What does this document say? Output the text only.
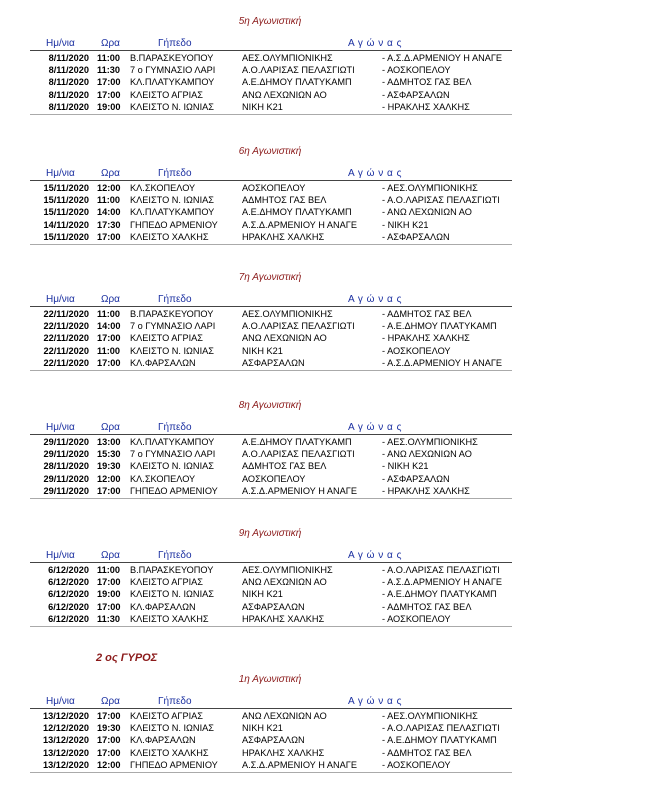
5η Αγωνιστική
Ημ/νια	Ωρα	Γήπεδο	Α γ ώ ν α ς
8/11/2020 11:00 Β.ΠΑΡΑΣΚΕΥΟΠΟΥ	ΑΕΣ.ΟΛΥΜΠΙΟΝΙΚΗΣ	- Α.Σ.Δ.ΑΡΜΕΝΙΟΥ Η ΑΝΑΓΕ
8/11/2020 11:30 7 ο ΓΥΜΝΑΣΙΟ ΛΑΡΙ	Α.Ο.ΛΑΡΙΣΑΣ ΠΕΛΑΣΓΙΩΤΙ	- ΑΟΣΚΟΠΕΛΟΥ
8/11/2020 17:00 ΚΛ.ΠΛΑΤΥΚΑΜΠΟΥ	Α.Ε.ΔΗΜΟΥ ΠΛΑΤΥΚΑΜΠ	- ΑΔΜΗΤΟΣ ΓΑΣ ΒΕΛ
8/11/2020 17:00 ΚΛΕΙΣΤΟ ΑΓΡΙΑΣ	ΑΝΩ ΛΕΧΩΝΙΩΝ ΑΟ	- ΑΣΦΑΡΣΑΛΩΝ
8/11/2020 19:00 ΚΛΕΙΣΤΟ Ν. ΙΩΝΙΑΣ	ΝΙΚΗ Κ21	- ΗΡΑΚΛΗΣ ΧΑΛΚΗΣ
6η Αγωνιστική
Ημ/νια	Ωρα	Γήπεδο	Α γ ώ ν α ς
15/11/2020 12:00 ΚΛ.ΣΚΟΠΕΛΟΥ	ΑΟΣΚΟΠΕΛΟΥ	- ΑΕΣ.ΟΛΥΜΠΙΟΝΙΚΗΣ
15/11/2020 11:00 ΚΛΕΙΣΤΟ Ν. ΙΩΝΙΑΣ	ΑΔΜΗΤΟΣ ΓΑΣ ΒΕΛ	- Α.Ο.ΛΑΡΙΣΑΣ ΠΕΛΑΣΓΙΩΤΙ
15/11/2020 14:00 ΚΛ.ΠΛΑΤΥΚΑΜΠΟΥ	Α.Ε.ΔΗΜΟΥ ΠΛΑΤΥΚΑΜΠ	- ΑΝΩ ΛΕΧΩΝΙΩΝ ΑΟ
14/11/2020 17:30 ΓΗΠΕΔΟ ΑΡΜΕΝΙΟΥ	Α.Σ.Δ.ΑΡΜΕΝΙΟΥ Η ΑΝΑΓΕ	- ΝΙΚΗ Κ21
15/11/2020 17:00 ΚΛΕΙΣΤΟ ΧΑΛΚΗΣ	ΗΡΑΚΛΗΣ ΧΑΛΚΗΣ	- ΑΣΦΑΡΣΑΛΩΝ
7η Αγωνιστική
Ημ/νια	Ωρα	Γήπεδο	Α γ ώ ν α ς
22/11/2020 11:00 Β.ΠΑΡΑΣΚΕΥΟΠΟΥ	ΑΕΣ.ΟΛΥΜΠΙΟΝΙΚΗΣ	- ΑΔΜΗΤΟΣ ΓΑΣ ΒΕΛ
22/11/2020 14:00 7 ο ΓΥΜΝΑΣΙΟ ΛΑΡΙ	Α.Ο.ΛΑΡΙΣΑΣ ΠΕΛΑΣΓΙΩΤΙ	- Α.Ε.ΔΗΜΟΥ ΠΛΑΤΥΚΑΜΠ
22/11/2020 17:00 ΚΛΕΙΣΤΟ ΑΓΡΙΑΣ	ΑΝΩ ΛΕΧΩΝΙΩΝ ΑΟ	- ΗΡΑΚΛΗΣ ΧΑΛΚΗΣ
22/11/2020 11:00 ΚΛΕΙΣΤΟ Ν. ΙΩΝΙΑΣ	ΝΙΚΗ Κ21	- ΑΟΣΚΟΠΕΛΟΥ
22/11/2020 17:00 ΚΛ.ΦΑΡΣΑΛΩΝ	ΑΣΦΑΡΣΑΛΩΝ	- Α.Σ.Δ.ΑΡΜΕΝΙΟΥ Η ΑΝΑΓΕ
8η Αγωνιστική
Ημ/νια	Ωρα	Γήπεδο	Α γ ώ ν α ς
29/11/2020 13:00 ΚΛ.ΠΛΑΤΥΚΑΜΠΟΥ	Α.Ε.ΔΗΜΟΥ ΠΛΑΤΥΚΑΜΠ	- ΑΕΣ.ΟΛΥΜΠΙΟΝΙΚΗΣ
29/11/2020 15:30 7 ο ΓΥΜΝΑΣΙΟ ΛΑΡΙ	Α.Ο.ΛΑΡΙΣΑΣ ΠΕΛΑΣΓΙΩΤΙ	- ΑΝΩ ΛΕΧΩΝΙΩΝ ΑΟ
28/11/2020 19:30 ΚΛΕΙΣΤΟ Ν. ΙΩΝΙΑΣ	ΑΔΜΗΤΟΣ ΓΑΣ ΒΕΛ	- ΝΙΚΗ Κ21
29/11/2020 12:00 ΚΛ.ΣΚΟΠΕΛΟΥ	ΑΟΣΚΟΠΕΛΟΥ	- ΑΣΦΑΡΣΑΛΩΝ
29/11/2020 17:00 ΓΗΠΕΔΟ ΑΡΜΕΝΙΟΥ	Α.Σ.Δ.ΑΡΜΕΝΙΟΥ Η ΑΝΑΓΕ	- ΗΡΑΚΛΗΣ ΧΑΛΚΗΣ
9η Αγωνιστική
Ημ/νια	Ωρα	Γήπεδο	Α γ ώ ν α ς
6/12/2020 11:00 Β.ΠΑΡΑΣΚΕΥΟΠΟΥ	ΑΕΣ.ΟΛΥΜΠΙΟΝΙΚΗΣ	- Α.Ο.ΛΑΡΙΣΑΣ ΠΕΛΑΣΓΙΩΤΙ
6/12/2020 17:00 ΚΛΕΙΣΤΟ ΑΓΡΙΑΣ	ΑΝΩ ΛΕΧΩΝΙΩΝ ΑΟ	- Α.Σ.Δ.ΑΡΜΕΝΙΟΥ Η ΑΝΑΓΕ
6/12/2020 19:00 ΚΛΕΙΣΤΟ Ν. ΙΩΝΙΑΣ	ΝΙΚΗ Κ21	- Α.Ε.ΔΗΜΟΥ ΠΛΑΤΥΚΑΜΠ
6/12/2020 17:00 ΚΛ.ΦΑΡΣΑΛΩΝ	ΑΣΦΑΡΣΑΛΩΝ	- ΑΔΜΗΤΟΣ ΓΑΣ ΒΕΛ
6/12/2020 11:30 ΚΛΕΙΣΤΟ ΧΑΛΚΗΣ	ΗΡΑΚΛΗΣ ΧΑΛΚΗΣ	- ΑΟΣΚΟΠΕΛΟΥ
2 ος ΓΥΡΟΣ
1η Αγωνιστική
Ημ/νια	Ωρα	Γήπεδο	Α γ ώ ν α ς
13/12/2020 17:00 ΚΛΕΙΣΤΟ ΑΓΡΙΑΣ	ΑΝΩ ΛΕΧΩΝΙΩΝ ΑΟ	- ΑΕΣ.ΟΛΥΜΠΙΟΝΙΚΗΣ
12/12/2020 19:30 ΚΛΕΙΣΤΟ Ν. ΙΩΝΙΑΣ	ΝΙΚΗ Κ21	- Α.Ο.ΛΑΡΙΣΑΣ ΠΕΛΑΣΓΙΩΤΙ
13/12/2020 17:00 ΚΛ.ΦΑΡΣΑΛΩΝ	ΑΣΦΑΡΣΑΛΩΝ	- Α.Ε.ΔΗΜΟΥ ΠΛΑΤΥΚΑΜΠ
13/12/2020 17:00 ΚΛΕΙΣΤΟ ΧΑΛΚΗΣ	ΗΡΑΚΛΗΣ ΧΑΛΚΗΣ	- ΑΔΜΗΤΟΣ ΓΑΣ ΒΕΛ
13/12/2020 12:00 ΓΗΠΕΔΟ ΑΡΜΕΝΙΟΥ	Α.Σ.Δ.ΑΡΜΕΝΙΟΥ Η ΑΝΑΓΕ	- ΑΟΣΚΟΠΕΛΟΥ
